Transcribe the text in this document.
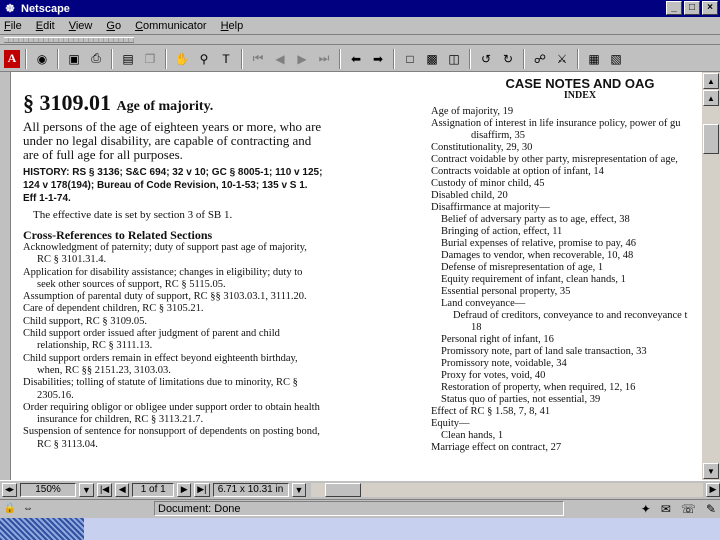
☸ Netscape	_	□	×
File Edit View Go Communicator Help
A	◉	▣ ⎙	▤ ❐	✋ ⚲	T	⏮ ◀	▶ ⏭	⬅ ➡	□	▩ ◫	↺ ↻	☍ ⚔	▦ ▧
§ 3109.01 Age of majority.
All persons of the age of eighteen years or more, who are under no legal disability, are capable of contracting and are of full age for all purposes.
HISTORY: RS § 3136; S&C 694; 32 v 10; GC § 8005-1; 110 v 125; 124 v 178(194); Bureau of Code Revision, 10-1-53; 135 v S 1. Eff 1-1-74.
The effective date is set by section 3 of SB 1.
Cross-References to Related Sections
Acknowledgment of paternity; duty of support past age of majority, RC § 3101.31.4.
Application for disability assistance; changes in eligibility; duty to seek other sources of support, RC § 5115.05.
Assumption of parental duty of support, RC §§ 3103.03.1, 3111.20.
Care of dependent children, RC § 3105.21.
Child support, RC § 3109.05.
Child support order issued after judgment of parent and child relationship, RC § 3111.13.
Child support orders remain in effect beyond eighteenth birthday, when, RC §§ 2151.23, 3103.03.
Disabilities; tolling of statute of limitations due to minority, RC § 2305.16.
Order requiring obligor or obligee under support order to obtain health insurance for children, RC § 3113.21.7.
Suspension of sentence for nonsupport of dependents on posting bond, RC § 3113.04.
CASE NOTES AND OAG
INDEX
Age of majority, 19
Assignation of interest in life insurance policy, power of gu
disaffirm, 35
Constitutionality, 29, 30
Contract voidable by other party, misrepresentation of age,
Contracts voidable at option of infant, 14
Custody of minor child, 45
Disabled child, 20
Disaffirmance at majority—
Belief of adversary party as to age, effect, 38
Bringing of action, effect, 11
Burial expenses of relative, promise to pay, 46
Damages to vendor, when recoverable, 10, 48
Defense of misrepresentation of age, 1
Equity requirement of infant, clean hands, 1
Essential personal property, 35
Land conveyance—
Defraud of creditors, conveyance to and reconveyance t
18
Personal right of infant, 16
Promissory note, part of land sale transaction, 33
Promissory note, voidable, 34
Proxy for votes, void, 40
Restoration of property, when required, 12, 16
Status quo of parties, not essential, 39
Effect of RC § 1.58, 7, 8, 41
Equity—
Clean hands, 1
Marriage effect on contract, 27
▲
▲
▼
◂▸	150%	▼	|◀	◀	1 of 1	▶	▶|	6.71 x 10.31 in	▼	▶
🔒 ⇔	Document: Done	✦ ✉ ☏ ✎
